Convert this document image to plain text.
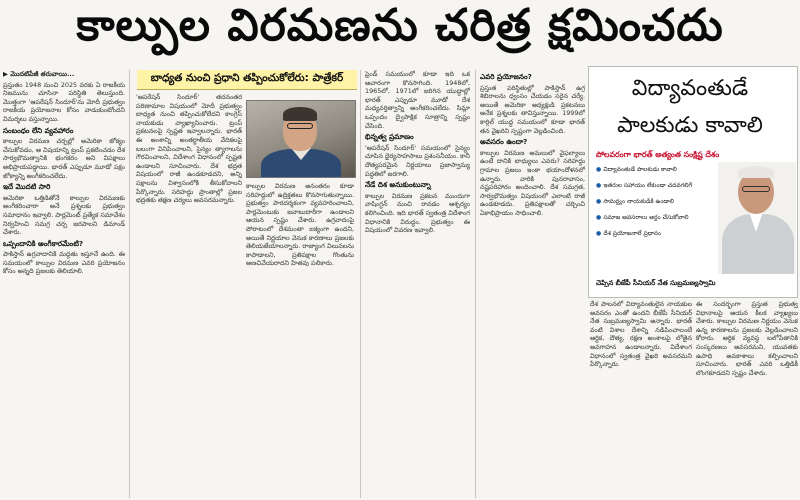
కాల్పుల విరమణను చరిత్ర క్షమించదు
▶ మొదటిపేజీ తరువాయి...

ప్రస్తుతం 1948 నుంచి 2025 వరకు ఏ రాజకీయ నిజమును చూసినా పరిస్థితి తెలుస్తుంది. మొత్తంగా 'ఆపరేషన్ సిందూర్'ను మోదీ ప్రభుత్వం రాజకీయ ప్రయోజనాల కోసం వాడుకుంటోందని విమర్శలు వస్తున్నాయి.

సంబంధం లేని వ్యవహారం

కాల్పుల విరమణ చర్చల్లో అమెరికా జోక్యం చేసుకోవడం, ఆ విషయాన్ని ట్రంప్ ప్రకటించడం దేశ సార్వభౌమత్వానికి భంగకరం అని విపక్షాలు అభిప్రాయపడ్డాయి. భారత్ ఎప్పుడూ మూడో పక్షం జోక్యాన్ని అంగీకరించలేదు.

ఇదే మొదటి సారి

అమెరికా ఒత్తిడితోనే కాల్పుల విరమణకు అంగీకరించారా అనే ప్రశ్నలకు ప్రభుత్వం సమాధానం ఇవ్వాలి. పార్లమెంట్ ప్రత్యేక సమావేశం నిర్వహించి సమగ్ర చర్చ జరపాలని డిమాండ్ చేశారు.

ఒప్పందానికి అంగీకారమేంటి?

పాకిస్తాన్ ఉగ్రవాదానికి మద్దతు ఇస్తూనే ఉంది. ఈ సమయంలో కాల్పుల విరమణ ఎవరి ప్రయోజనం కోసం అన్నది ప్రజలకు తెలియాలి.

బాధ్యత నుంచి ప్రధాని తప్పించుకోలేరు: పాత్రేకర్

'ఆపరేషన్ సిందూర్' తదనంతర పరిణామాల విషయంలో మోదీ ప్రభుత్వం బాధ్యత నుంచి తప్పించుకోలేదని కాంగ్రెస్ నాయకుడు వ్యాఖ్యానించారు. ట్రంప్ ప్రకటనలపై స్పష్టత ఇవ్వాలన్నారు. భారత్ ఈ అంశాన్ని అంతర్జాతీయ వేదికలపై బలంగా వినిపించాలని, సైన్యం త్యాగాలను గౌరవించాలని, విదేశాంగ విధానంలో స్పష్టత ఉండాలని సూచించారు. దేశ భద్రత విషయంలో రాజీ ఉండకూడదని, అన్ని పక్షాలను విశ్వాసంలోకి తీసుకోవాలని పేర్కొన్నారు. సరిహద్దు ప్రాంతాల్లో ప్రజల భద్రతకు తక్షణ చర్యలు అవసరమన్నారు.

కాల్పుల విరమణ అనంతరం కూడా సరిహద్దులో ఉద్రిక్తతలు కొనసాగుతున్నాయి. ప్రభుత్వం పారదర్శకంగా వ్యవహరించాలని, పార్లమెంటుకు జవాబుదారీగా ఉండాలని ఆయన స్పష్టం చేశారు. ఉగ్రవాదంపై పోరాటంలో దేశమంతా ఐక్యంగా ఉందని, అయితే నిర్ణయాల వెనుక కారణాలు ప్రజలకు తెలియజేయాలన్నారు. రాజ్యాంగ విలువలను కాపాడాలని, ప్రతిపక్షాల గొంతును అణచివేయరాదని హితవు పలికారు.

ఫ్రెండ్ సమయంలో కూడా ఇది ఒక ఆచారంగా కొనసాగింది. 1948లో, 1965లో, 1971లో జరిగిన యుద్ధాల్లో భారత్ ఎప్పుడూ మూడో దేశ మధ్యవర్తిత్వాన్ని అంగీకరించలేదు. సిమ్లా ఒప్పందం ద్వైపాక్షిక సూత్రాన్ని స్పష్టం చేసింది.

భిన్నత్వ ప్రమాణం

'ఆపరేషన్ సిందూర్' సమయంలో సైన్యం చూపిన ధైర్యసాహసాలు ప్రశంసనీయం. కానీ దౌత్యపరమైన నిర్ణయాలు ప్రజాస్వామ్య పద్ధతిలో జరగాలి.

నేడే దిశ అనుకుంటున్నా

కాల్పుల విరమణ ప్రకటన ముందుగా వాషింగ్టన్ నుంచి రావడం ఆశ్చర్యం కలిగించింది. ఇది భారత్ స్వతంత్ర విదేశాంగ విధానానికి విరుద్ధం. ప్రభుత్వం ఈ విషయంలో వివరణ ఇవ్వాలి.

ఎవరి ప్రయోజనం?

ప్రస్తుత పరిస్థితుల్లో పాకిస్తాన్ ఉగ్ర శిబిరాలను ధ్వంసం చేయడం సరైన చర్యే. అయితే అమెరికా అధ్యక్షుడి ప్రకటనలు అనేక ప్రశ్నలకు తావిస్తున్నాయి. 1999లో కార్గిల్ యుద్ధ సమయంలో కూడా భారత్ తన వైఖరిని స్పష్టంగా వెల్లడించింది.

అవసరం ఉందా?

కాల్పుల విరమణ అమలులో వైఫల్యాలు ఉంటే దానికి బాధ్యులు ఎవరు? సరిహద్దు గ్రామాల ప్రజలు ఇంకా భయాందోళనలో ఉన్నారు. వారికి పునరావాసం, నష్టపరిహారం అందించాలి. దేశ సమగ్రత, సార్వభౌమత్వం విషయంలో ఎలాంటి రాజీ ఉండకూడదు. ప్రతిపక్షాలతో చర్చించి ఏకాభిప్రాయం సాధించాలి.

విద్యావంతుడే
పాలకుడు కావాలి
పోలవరంగా భారత్ అత్యంత సంక్షిష్ట దేశం
● విద్యావంతుడే పాలకుడు కావాలి
● ఇతరుల సహాయం లేకుండా చదవగలిగే
● సామర్థ్యం నాయకుడికి ఉండాలి
● సమాజ అవసరాలు అర్థం చేసుకోవాలి
● దేశ ప్రయోజనాలే ప్రధానం
చెప్పిన బీజేపీ సీనియర్ నేత సుబ్రమణ్యస్వామి

దేశ పాలనలో విద్యావంతులైన నాయకుల అవసరం ఎంతో ఉందని బీజేపీ సీనియర్ నేత సుబ్రమణ్యస్వామి అన్నారు. భారత్ వంటి విశాల దేశాన్ని నడిపించాలంటే ఆర్థిక, దౌత్య, రక్షణ అంశాలపై లోతైన అవగాహన ఉండాలన్నారు. విదేశాంగ విధానంలో స్వతంత్ర వైఖరి అవసరమని పేర్కొన్నారు.

ఈ సందర్భంగా ప్రస్తుత ప్రభుత్వ విధానాలపై ఆయన కీలక వ్యాఖ్యలు చేశారు. కాల్పుల విరమణ నిర్ణయం వెనుక ఉన్న కారణాలను ప్రజలకు వెల్లడించాలని కోరారు. ఆర్థిక వ్యవస్థ బలోపేతానికి సంస్కరణలు అవసరమని, యువతకు ఉపాధి అవకాశాలు కల్పించాలని సూచించారు. భారత్ ఎవరి ఒత్తిడికీ లొంగకూడదని స్పష్టం చేశారు.
